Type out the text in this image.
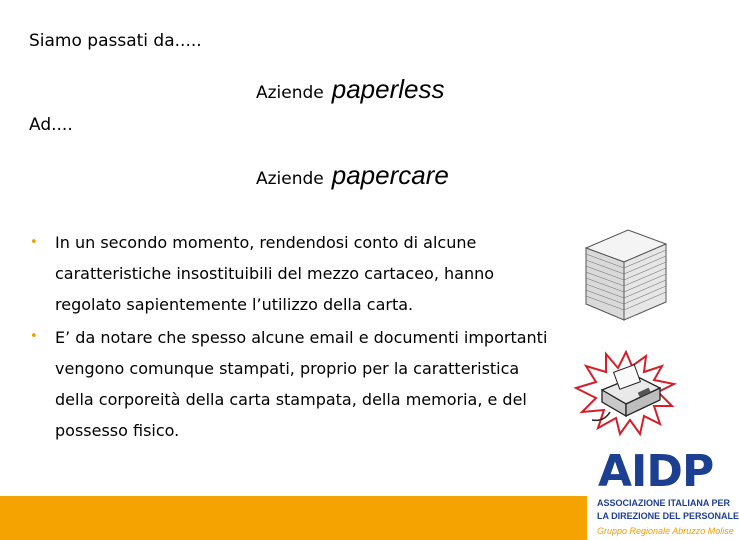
Siamo passati da.....
Aziende paperless
Ad....
Aziende papercare
• In un secondo momento, rendendosi conto di alcune caratteristiche insostituibili del mezzo cartaceo, hanno regolato sapientemente l’utilizzo della carta.
• E’ da notare che spesso alcune email e documenti importanti vengono comunque stampati, proprio per la caratteristica della corporeità della carta stampata, della memoria, e del possesso fisico.
AIDP
ASSOCIAZIONE ITALIANA PER
LA DIREZIONE DEL PERSONALE
Gruppo Regionale Abruzzo Molise
